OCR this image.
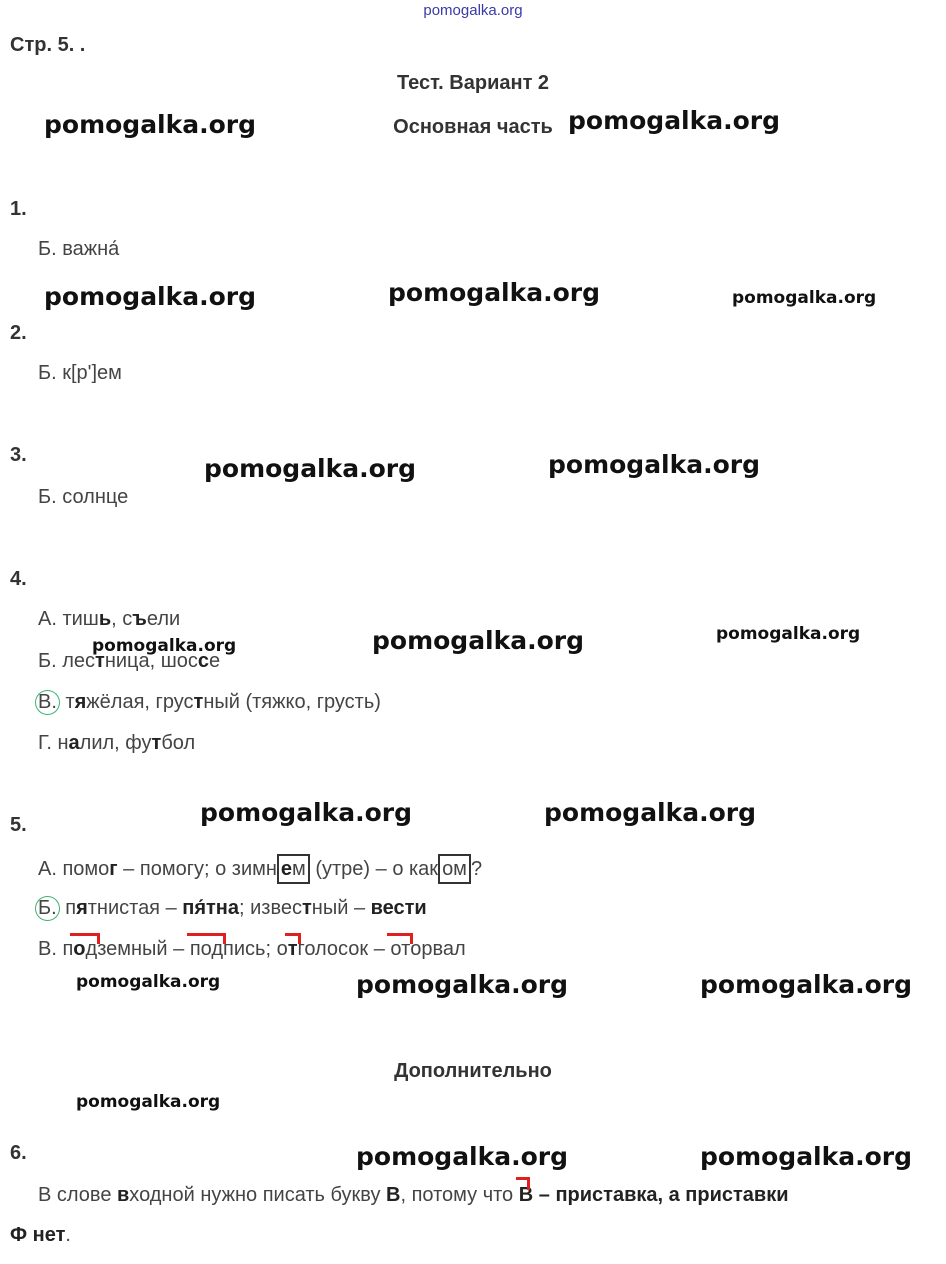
pomogalka.org
Стр. 5. .
Тест. Вариант 2
Основная часть
pomogalka.org	pomogalka.org
pomogalka.org	pomogalka.org	pomogalka.org
pomogalka.org	pomogalka.org
pomogalka.org	pomogalka.org	pomogalka.org
pomogalka.org	pomogalka.org
pomogalka.org	pomogalka.org	pomogalka.org
pomogalka.org
pomogalka.org	pomogalka.org
1.
Б. важна́
2.
Б. к[р']ем
3.
Б. солнце
4.
А. тишь, съели
Б. лестница, шоссе
В. тяжёлая, грустный (тяжко, грусть)
Г. налил, футбол
5.
А. помог – помогу; о зимн ем (утре) – о как ом ?
Б. пятнистая – пя́тна; известный – вести
В. подземный – подпись; отголосок – оторвал
Дополнительно
6.
В слове входной нужно писать букву В, потому что В – приставка, а приставки
Ф нет.
